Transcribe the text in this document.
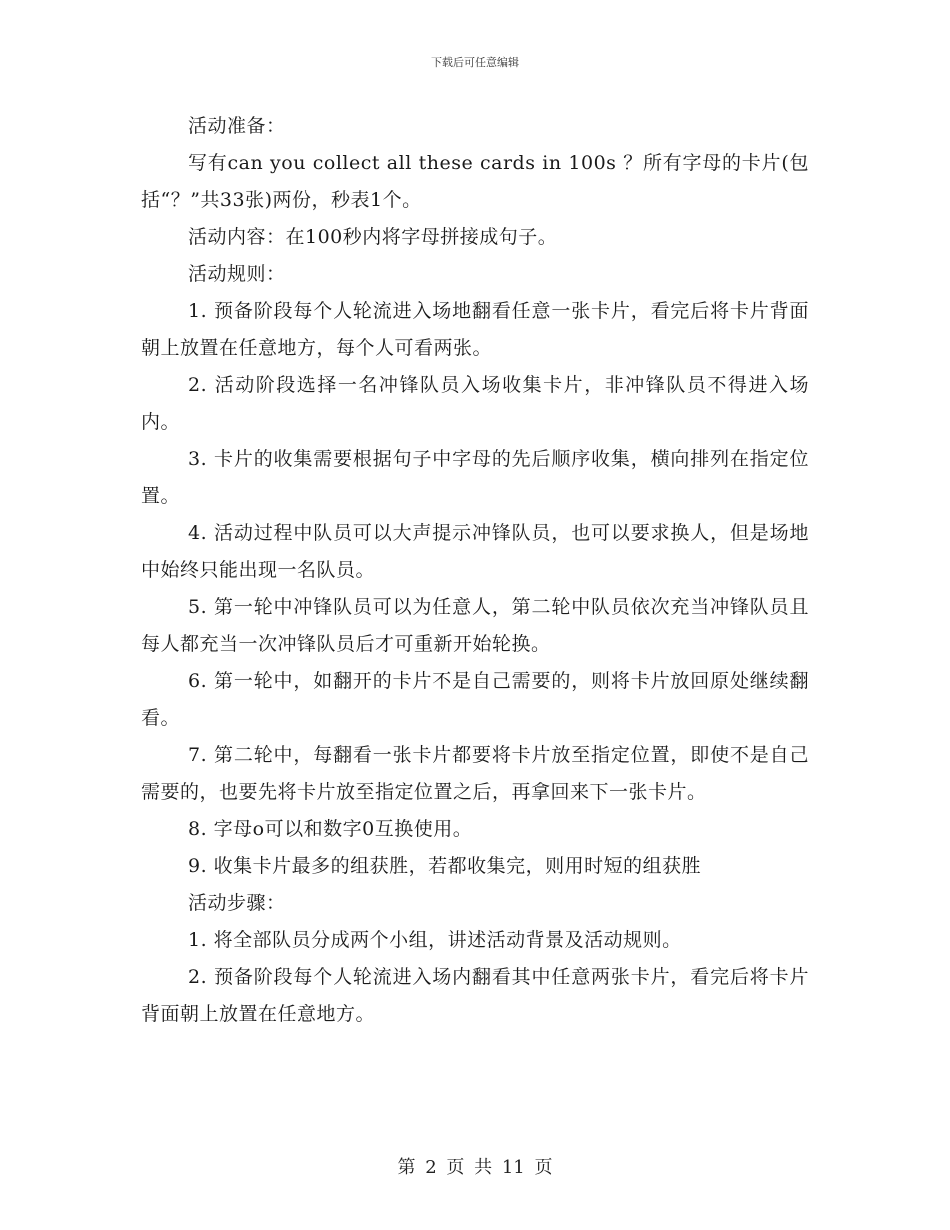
下载后可任意编辑

活动准备：

写有can you collect all these cards in 100s ？所有字母的卡片(包括“？”共33张)两份，秒表1个。

活动内容：在100秒内将字母拼接成句子。

活动规则：

1. 预备阶段每个人轮流进入场地翻看任意一张卡片，看完后将卡片背面朝上放置在任意地方，每个人可看两张。

2. 活动阶段选择一名冲锋队员入场收集卡片，非冲锋队员不得进入场内。

3. 卡片的收集需要根据句子中字母的先后顺序收集，横向排列在指定位置。

4. 活动过程中队员可以大声提示冲锋队员，也可以要求换人，但是场地中始终只能出现一名队员。

5. 第一轮中冲锋队员可以为任意人，第二轮中队员依次充当冲锋队员且每人都充当一次冲锋队员后才可重新开始轮换。

6. 第一轮中，如翻开的卡片不是自己需要的，则将卡片放回原处继续翻看。

7. 第二轮中，每翻看一张卡片都要将卡片放至指定位置，即使不是自己需要的，也要先将卡片放至指定位置之后，再拿回来下一张卡片。

8. 字母o可以和数字0互换使用。

9. 收集卡片最多的组获胜，若都收集完，则用时短的组获胜

活动步骤：

1. 将全部队员分成两个小组，讲述活动背景及活动规则。

2. 预备阶段每个人轮流进入场内翻看其中任意两张卡片，看完后将卡片背面朝上放置在任意地方。

第 2 页 共 11 页
